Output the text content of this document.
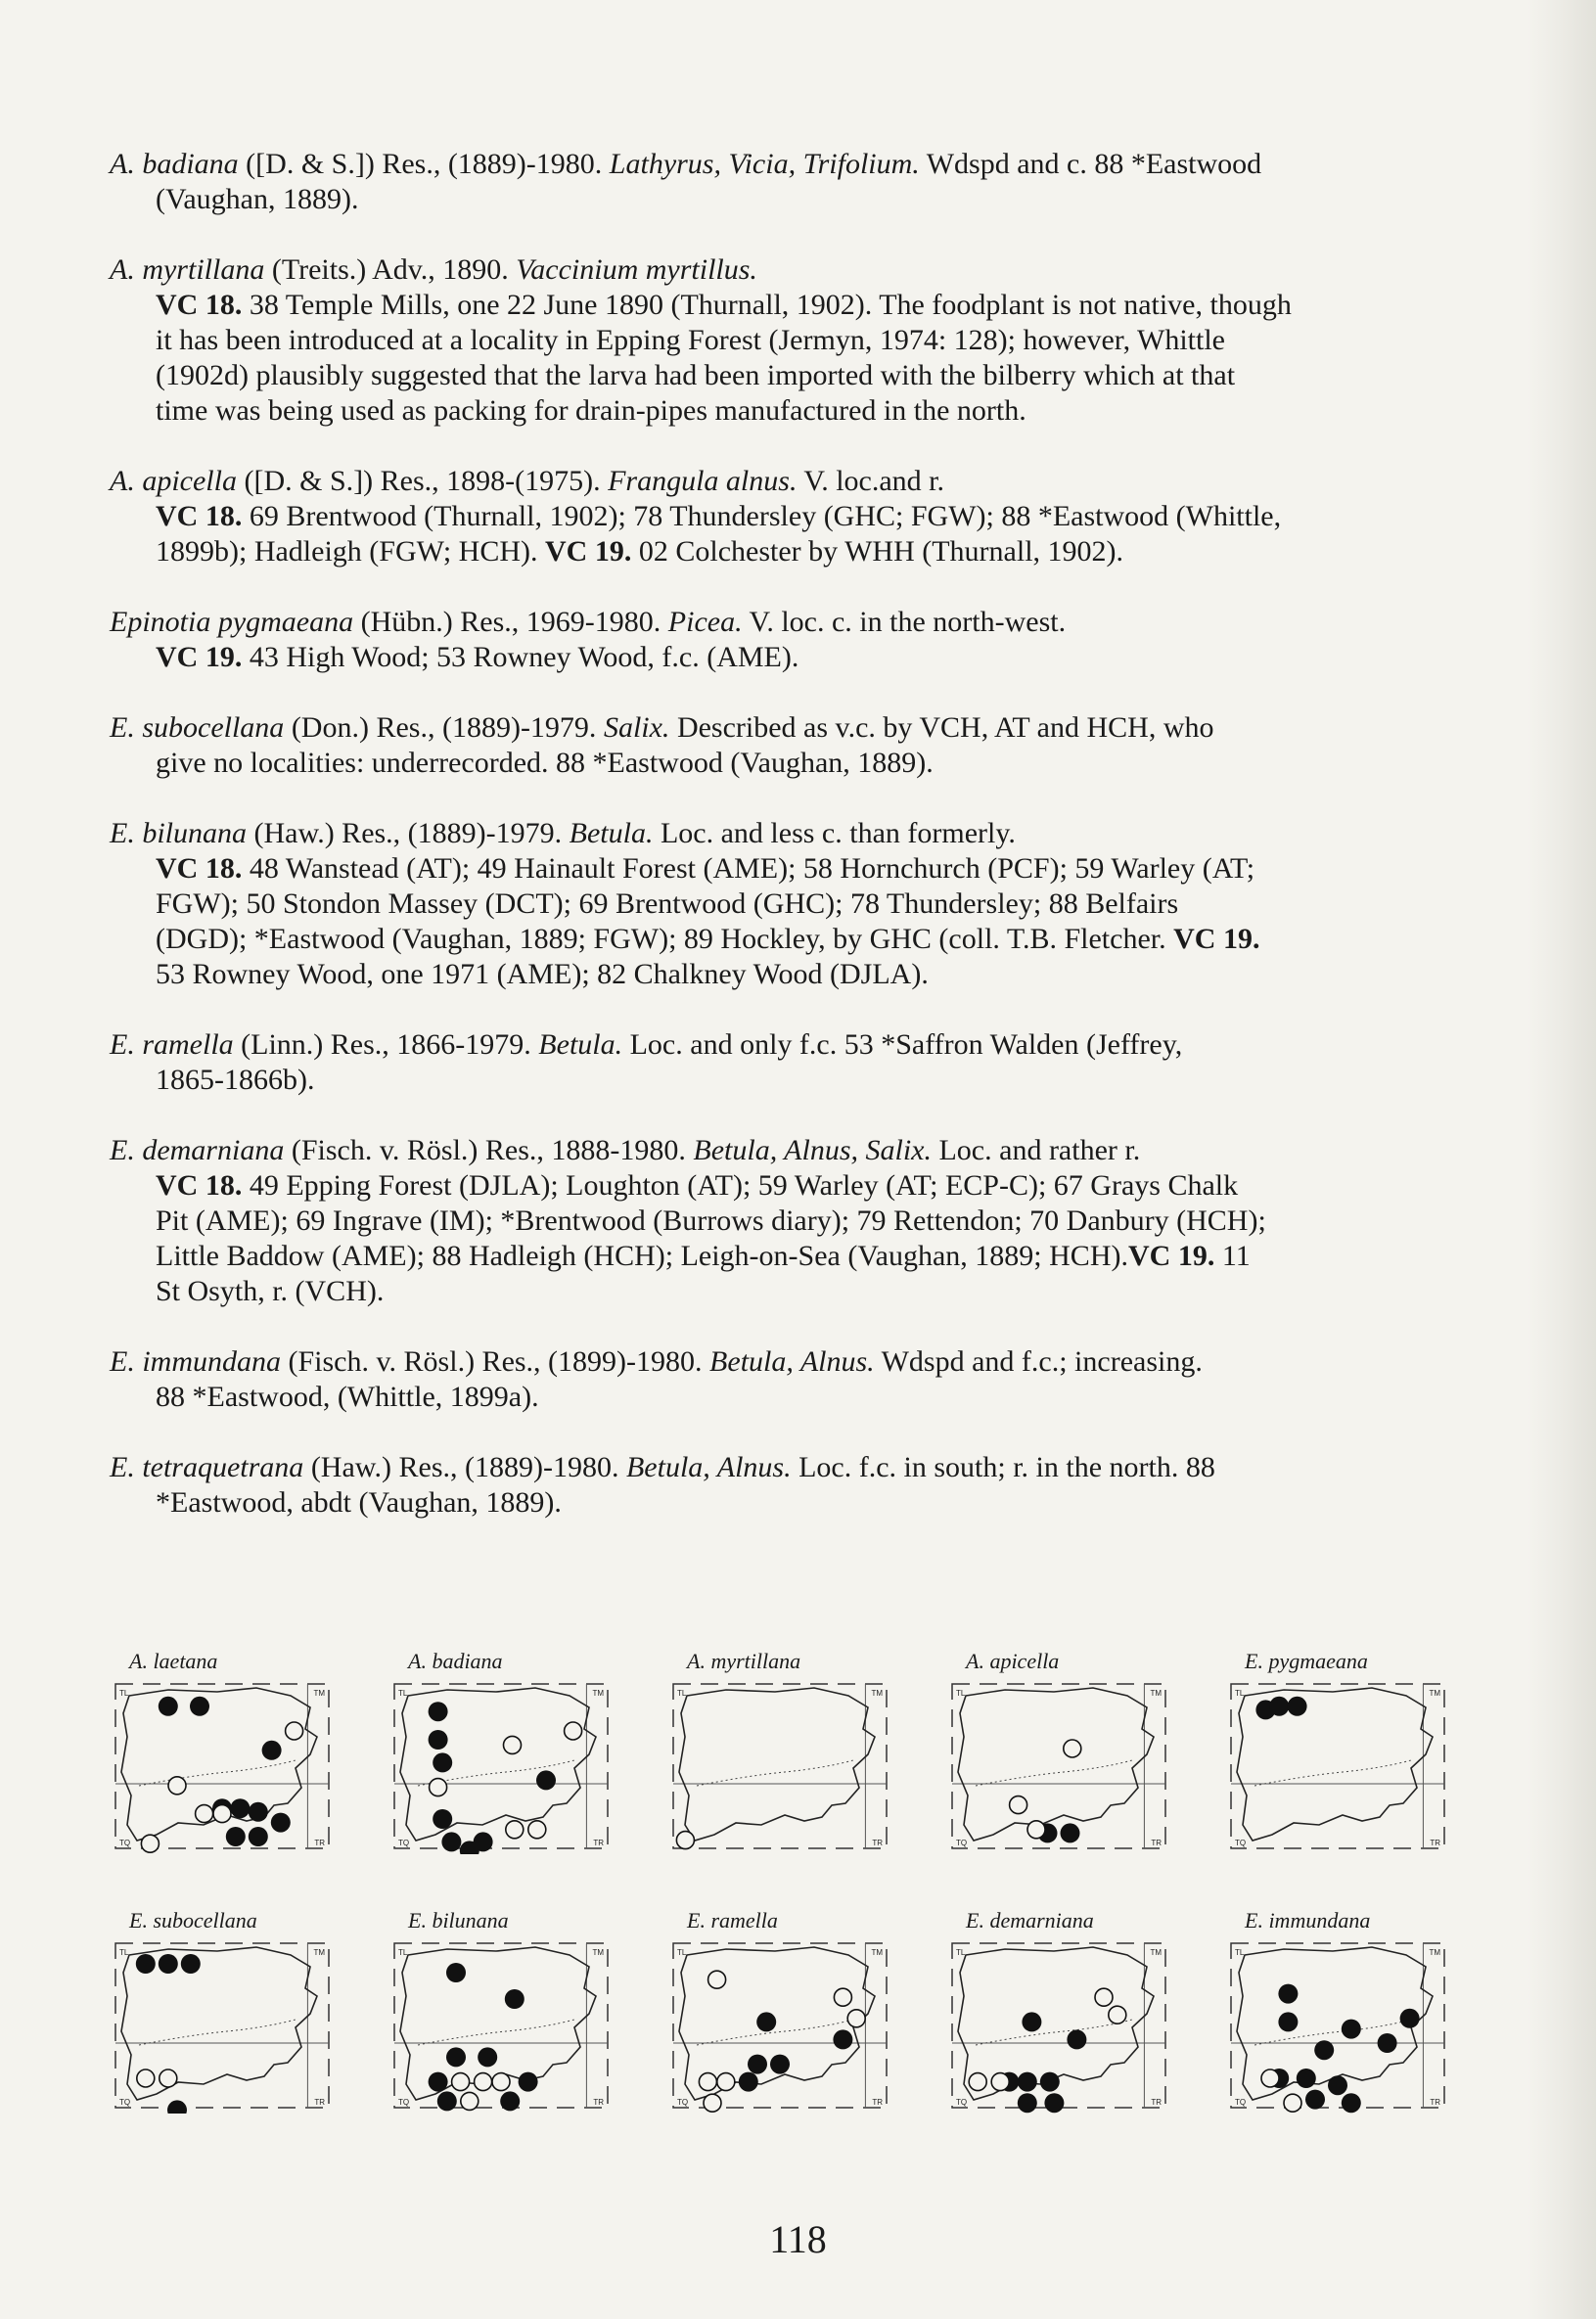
A. badiana ([D. & S.]) Res., (1889)-1980. Lathyrus, Vicia, Trifolium. Wdspd and c. 88 *Eastwood
(Vaughan, 1889).
A. myrtillana (Treits.) Adv., 1890. Vaccinium myrtillus.
VC 18. 38 Temple Mills, one 22 June 1890 (Thurnall, 1902). The foodplant is not native, though
it has been introduced at a locality in Epping Forest (Jermyn, 1974: 128); however, Whittle
(1902d) plausibly suggested that the larva had been imported with the bilberry which at that
time was being used as packing for drain-pipes manufactured in the north.
A. apicella ([D. & S.]) Res., 1898-(1975). Frangula alnus. V. loc.and r.
VC 18. 69 Brentwood (Thurnall, 1902); 78 Thundersley (GHC; FGW); 88 *Eastwood (Whittle,
1899b); Hadleigh (FGW; HCH). VC 19. 02 Colchester by WHH (Thurnall, 1902).
Epinotia pygmaeana (Hübn.) Res., 1969-1980. Picea. V. loc. c. in the north-west.
VC 19. 43 High Wood; 53 Rowney Wood, f.c. (AME).
E. subocellana (Don.) Res., (1889)-1979. Salix. Described as v.c. by VCH, AT and HCH, who
give no localities: underrecorded. 88 *Eastwood (Vaughan, 1889).
E. bilunana (Haw.) Res., (1889)-1979. Betula. Loc. and less c. than formerly.
VC 18. 48 Wanstead (AT); 49 Hainault Forest (AME); 58 Hornchurch (PCF); 59 Warley (AT;
FGW); 50 Stondon Massey (DCT); 69 Brentwood (GHC); 78 Thundersley; 88 Belfairs
(DGD); *Eastwood (Vaughan, 1889; FGW); 89 Hockley, by GHC (coll. T.B. Fletcher. VC 19.
53 Rowney Wood, one 1971 (AME); 82 Chalkney Wood (DJLA).
E. ramella (Linn.) Res., 1866-1979. Betula. Loc. and only f.c. 53 *Saffron Walden (Jeffrey,
1865-1866b).
E. demarniana (Fisch. v. Rösl.) Res., 1888-1980. Betula, Alnus, Salix. Loc. and rather r.
VC 18. 49 Epping Forest (DJLA); Loughton (AT); 59 Warley (AT; ECP-C); 67 Grays Chalk
Pit (AME); 69 Ingrave (IM); *Brentwood (Burrows diary); 79 Rettendon; 70 Danbury (HCH);
Little Baddow (AME); 88 Hadleigh (HCH); Leigh-on-Sea (Vaughan, 1889; HCH).VC 19. 11
St Osyth, r. (VCH).
E. immundana (Fisch. v. Rösl.) Res., (1899)-1980. Betula, Alnus. Wdspd and f.c.; increasing.
88 *Eastwood, (Whittle, 1899a).
E. tetraquetrana (Haw.) Res., (1889)-1980. Betula, Alnus. Loc. f.c. in south; r. in the north. 88
*Eastwood, abdt (Vaughan, 1889).
A. laetana
TL	TM
TQ	TR
A. badiana
TL	TM
TQ	TR
A. myrtillana
TL	TM
TR
A. apicella
TL	TM
TQ	TR
E. pygmaeana
TL	TM
TQ	TR
E. subocellana
TL	TM
TQ	TR
E. bilunana
TL	TM
TQ	TR
E. ramella
TL	TM
TQ	TR
E. demarniana
TL	TM
TQ	TR
E. immundana
TL	TM
TQ	TR
118
